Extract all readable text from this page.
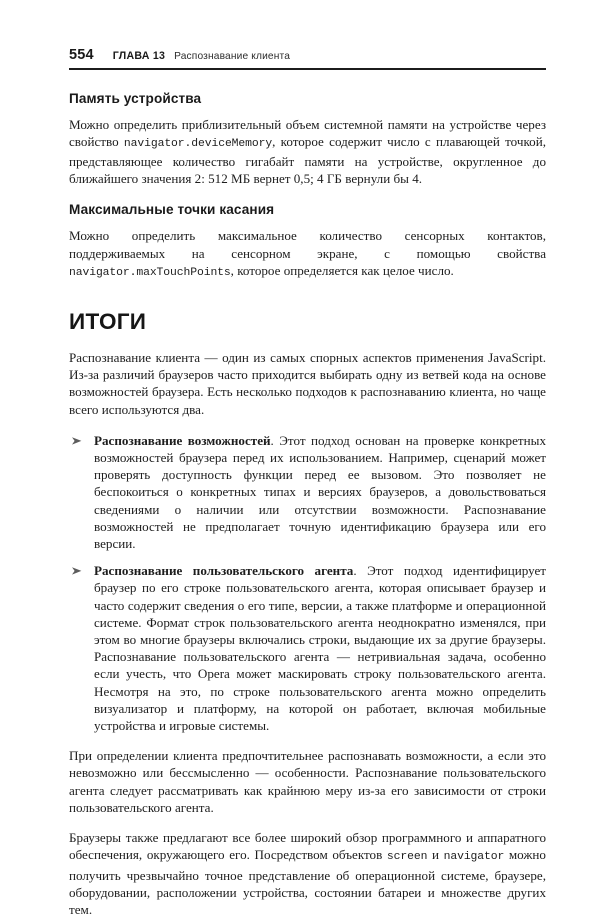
554 ГЛАВА 13 Распознавание клиента
Память устройства

Можно определить приблизительный объем системной памяти на устройстве через свойство navigator.deviceMemory, которое содержит число с плавающей точкой, представляющее количество гигабайт памяти на устройстве, округленное до ближайшего значения 2: 512 МБ вернет 0,5; 4 ГБ вернули бы 4.

Максимальные точки касания

Можно определить максимальное количество сенсорных контактов, поддерживаемых на сенсорном экране, с помощью свойства navigator.maxTouchPoints, которое определяется как целое число.

ИТОГИ

Распознавание клиента — один из самых спорных аспектов применения JavaScript. Из-за различий браузеров часто приходится выбирать одну из ветвей кода на основе возможностей браузера. Есть несколько подходов к распознаванию клиента, но чаще всего используются два.

Распознавание возможностей. Этот подход основан на проверке конкретных возможностей браузера перед их использованием. Например, сценарий может проверять доступность функции перед ее вызовом. Это позволяет не беспокоиться о конкретных типах и версиях браузеров, а довольствоваться сведениями о наличии или отсутствии возможности. Распознавание возможностей не предполагает точную идентификацию браузера или его версии.

Распознавание пользовательского агента. Этот подход идентифицирует браузер по его строке пользовательского агента, которая описывает браузер и часто содержит сведения о его типе, версии, а также платформе и операционной системе. Формат строк пользовательского агента неоднократно изменялся, при этом во многие браузеры включались строки, выдающие их за другие браузеры. Распознавание пользовательского агента — нетривиальная задача, особенно если учесть, что Opera может маскировать строку пользовательского агента. Несмотря на это, по строке пользовательского агента можно определить визуализатор и платформу, на которой он работает, включая мобильные устройства и игровые системы.

При определении клиента предпочтительнее распознавать возможности, а если это невозможно или бессмысленно — особенности. Распознавание пользовательского агента следует рассматривать как крайнюю меру из-за его зависимости от строки пользовательского агента.

Браузеры также предлагают все более широкий обзор программного и аппаратного обеспечения, окружающего его. Посредством объектов screen и navigator можно получить чрезвычайно точное представление об операционной системе, браузере, оборудовании, расположении устройства, состоянии батареи и множестве других тем.
